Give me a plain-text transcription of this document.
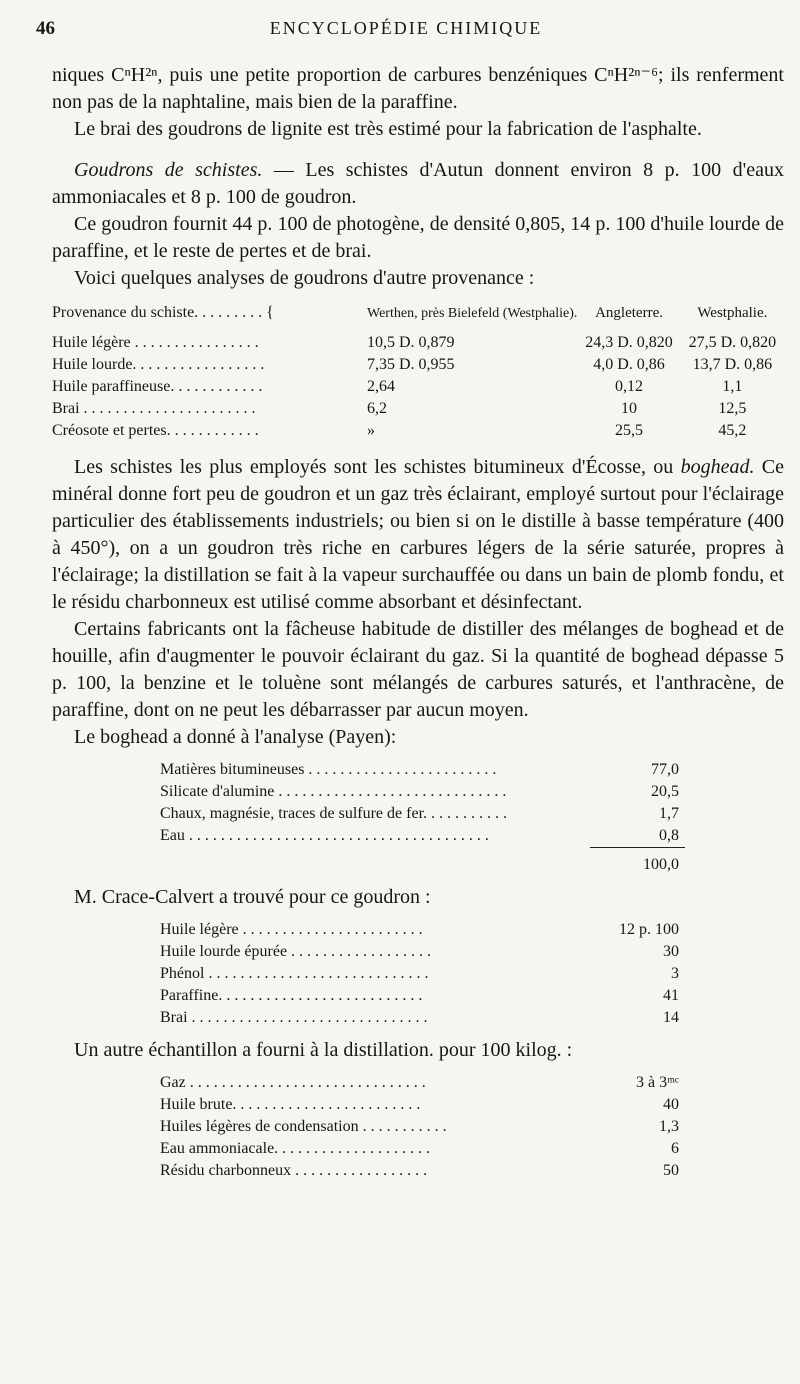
46	ENCYCLOPÉDIE CHIMIQUE

niques CⁿH²ⁿ, puis une petite proportion de carbures benzéniques CⁿH²ⁿ⁻⁶; ils renferment non pas de la naphtaline, mais bien de la paraffine.

Le brai des goudrons de lignite est très estimé pour la fabrication de l'asphalte.

Goudrons de schistes. — Les schistes d'Autun donnent environ 8 p. 100 d'eaux ammoniacales et 8 p. 100 de goudron.

Ce goudron fournit 44 p. 100 de photogène, de densité 0,805, 14 p. 100 d'huile lourde de paraffine, et le reste de pertes et de brai.

Voici quelques analyses de goudrons d'autre provenance :

Provenance du schiste. . . . . . . . . {	Werthen, près Bielefeld (Westphalie).	Angleterre.	Westphalie.
Huile légère . . . . . . . . . . . . . . . .	10,5 D. 0,879	24,3 D. 0,820	27,5 D. 0,820
Huile lourde. . . . . . . . . . . . . . . . .	7,35 D. 0,955	4,0 D. 0,86	13,7 D. 0,86
Huile paraffineuse. . . . . . . . . . . .	2,64	0,12	1,1
Brai . . . . . . . . . . . . . . . . . . . . . .	6,2	10	12,5
Créosote et pertes. . . . . . . . . . . .	»	25,5	45,2

Les schistes les plus employés sont les schistes bitumineux d'Écosse, ou boghead. Ce minéral donne fort peu de goudron et un gaz très éclairant, employé surtout pour l'éclairage particulier des établissements industriels; ou bien si on le distille à basse température (400 à 450°), on a un goudron très riche en carbures légers de la série saturée, propres à l'éclairage; la distillation se fait à la vapeur surchauffée ou dans un bain de plomb fondu, et le résidu charbonneux est utilisé comme absorbant et désinfectant.

Certains fabricants ont la fâcheuse habitude de distiller des mélanges de boghead et de houille, afin d'augmenter le pouvoir éclairant du gaz. Si la quantité de boghead dépasse 5 p. 100, la benzine et le toluène sont mélangés de carbures saturés, et l'anthracène, de paraffine, dont on ne peut les débarrasser par aucun moyen.

Le boghead a donné à l'analyse (Payen):

Matières bitumineuses . . . . . . . . . . . . . . . . . . . . . . . .	77,0
Silicate d'alumine . . . . . . . . . . . . . . . . . . . . . . . . . . . . .	20,5
Chaux, magnésie, traces de sulfure de fer. . . . . . . . . . .	1,7
Eau . . . . . . . . . . . . . . . . . . . . . . . . . . . . . . . . . . . . . .	0,8
	100,0

M. Crace-Calvert a trouvé pour ce goudron :

Huile légère . . . . . . . . . . . . . . . . . . . . . . .	12 p. 100
Huile lourde épurée . . . . . . . . . . . . . . . . . .	30
Phénol . . . . . . . . . . . . . . . . . . . . . . . . . . . .	3
Paraffine. . . . . . . . . . . . . . . . . . . . . . . . . .	41
Brai . . . . . . . . . . . . . . . . . . . . . . . . . . . . . .	14

Un autre échantillon a fourni à la distillation. pour 100 kilog. :

Gaz . . . . . . . . . . . . . . . . . . . . . . . . . . . . . .	3 à 3ᵐᶜ
Huile brute. . . . . . . . . . . . . . . . . . . . . . . .	40
Huiles légères de condensation . . . . . . . . . . .	1,3
Eau ammoniacale. . . . . . . . . . . . . . . . . . . .	6
Résidu charbonneux . . . . . . . . . . . . . . . . .	50
